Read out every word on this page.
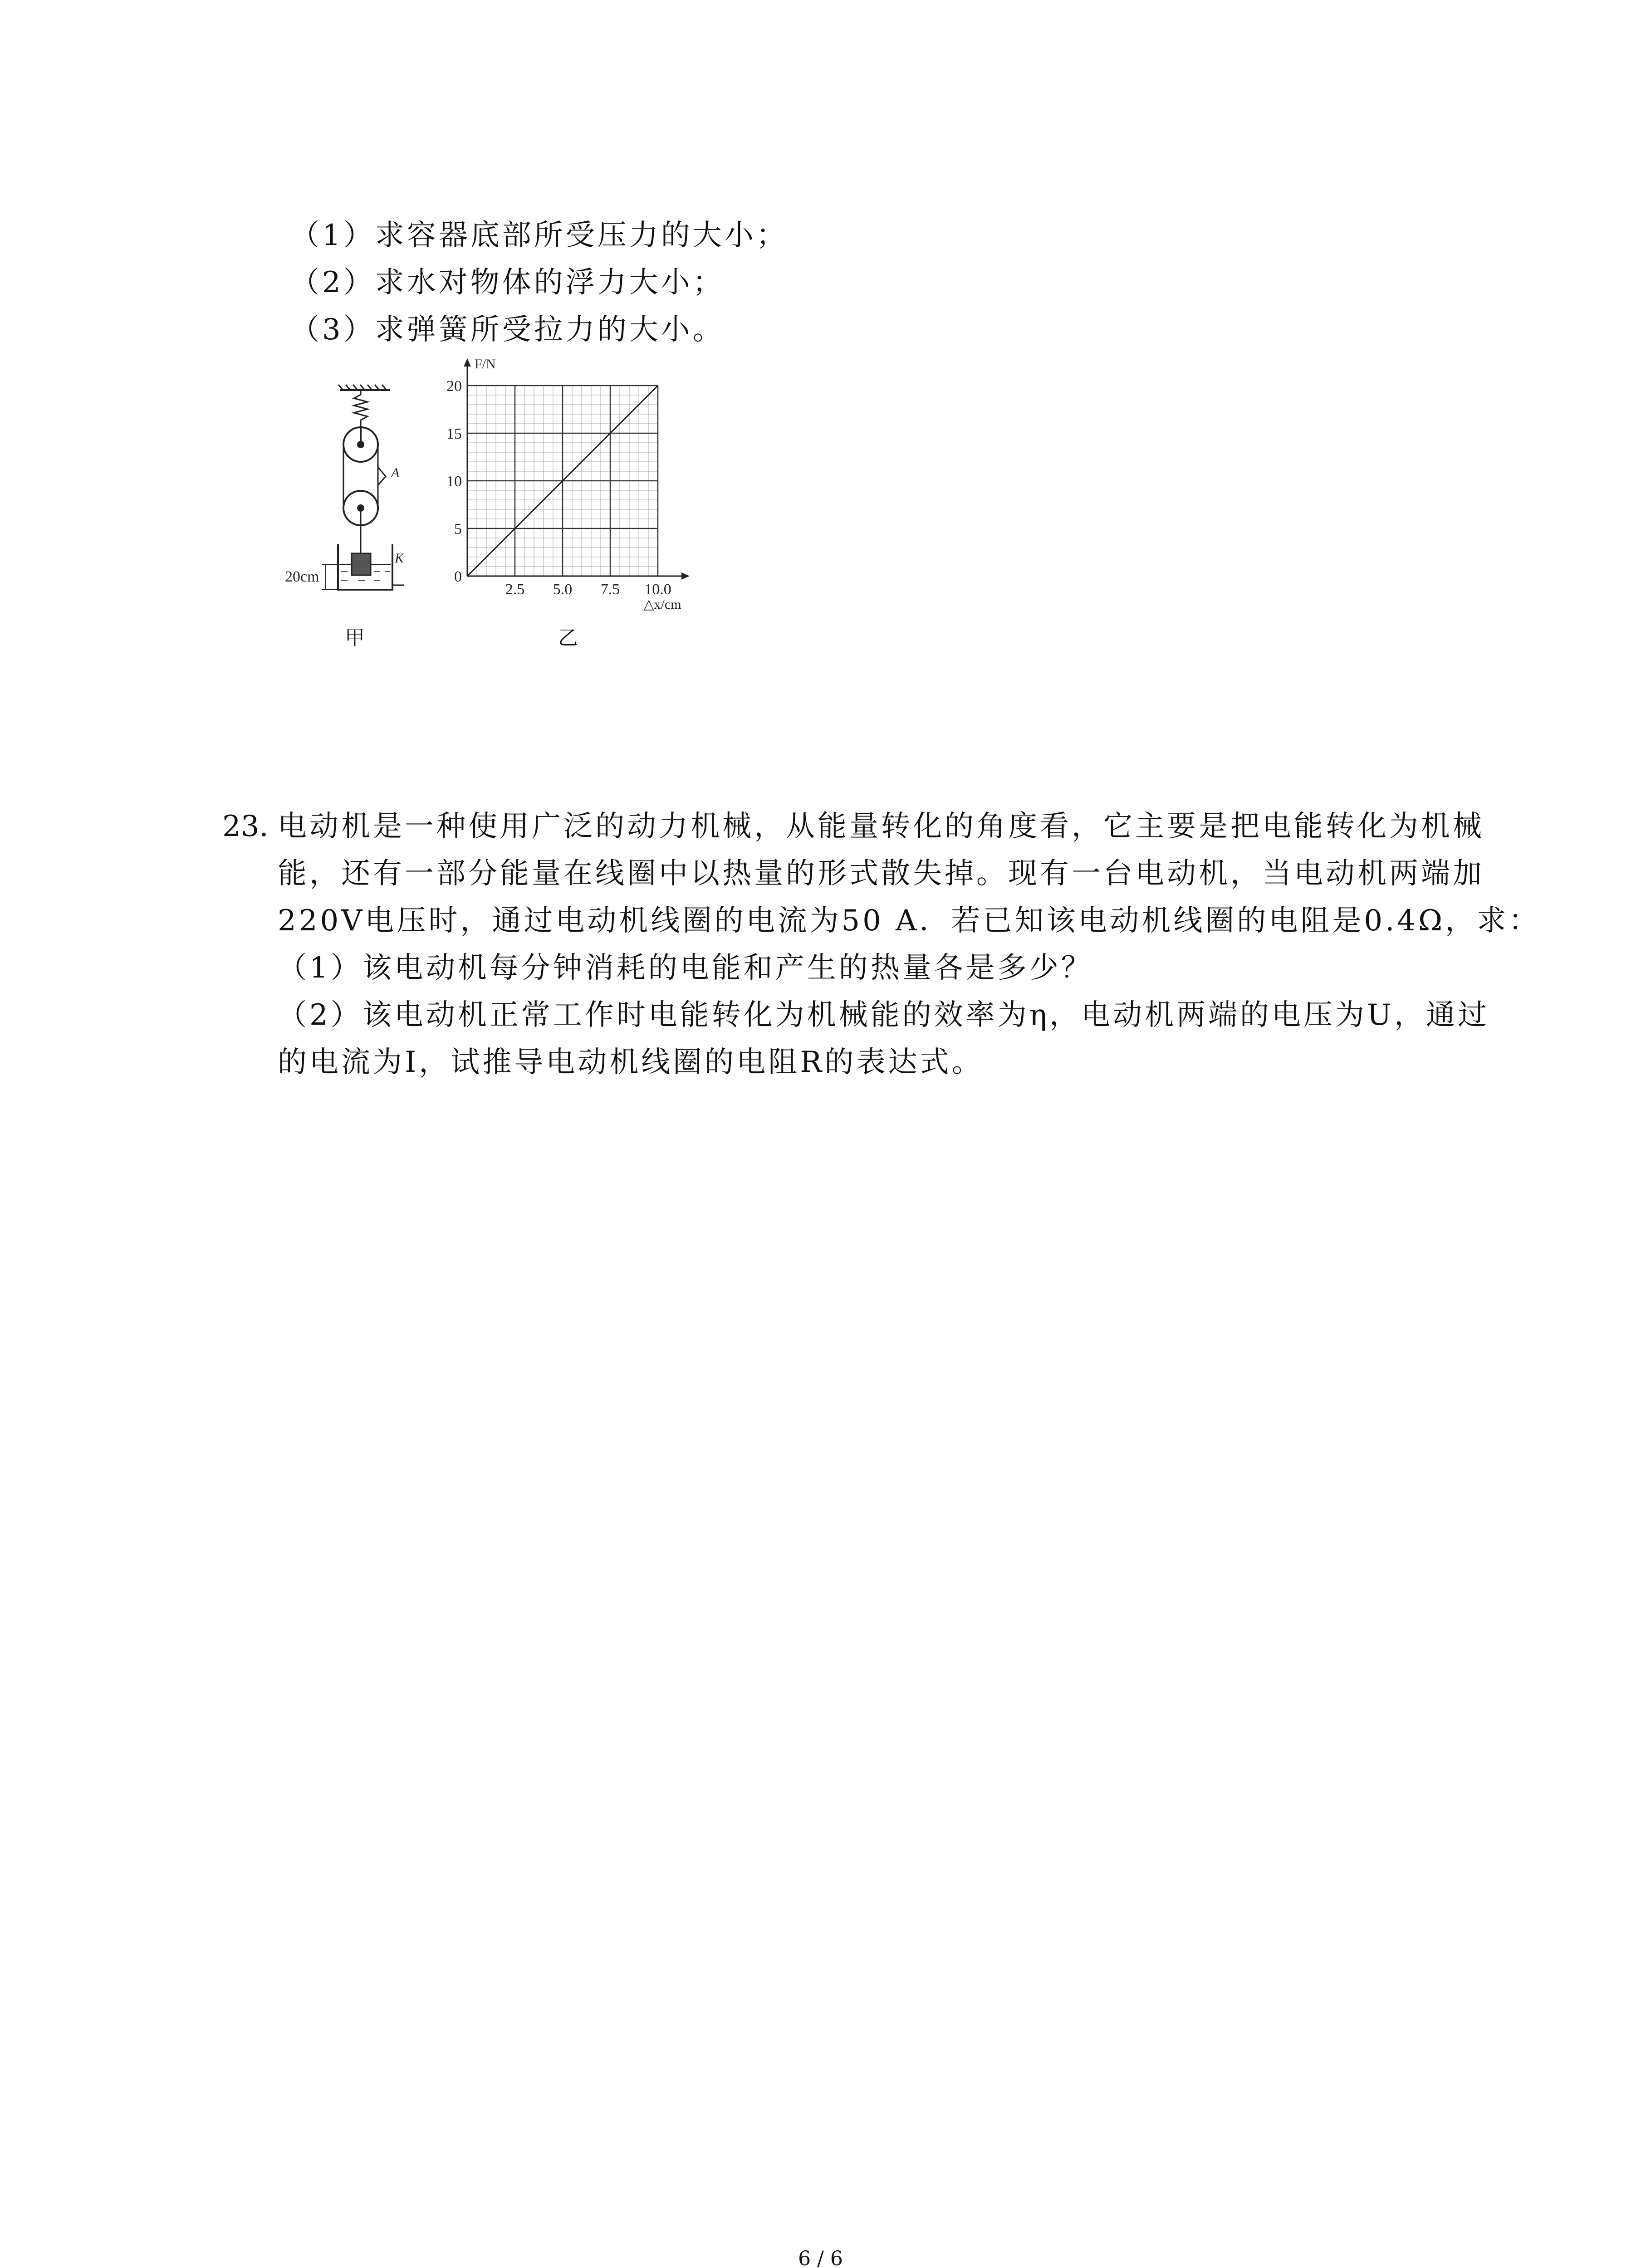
（1）求容器底部所受压力的大小；
（2）求水对物体的浮力大小；
（3）求弹簧所受拉力的大小。
A
K
20cm
甲
2.5 5.0 7.5 10.0
0
5
10
15
20
△x/cm
F/N
乙
23. 电动机是一种使用广泛的动力机械，从能量转化的角度看，它主要是把电能转化为机械
能，还有一部分能量在线圈中以热量的形式散失掉。现有一台电动机，当电动机两端加
220V电压时，通过电动机线圈的电流为50 A．若已知该电动机线圈的电阻是0.4Ω，求：
（1）该电动机每分钟消耗的电能和产生的热量各是多少？
（2）该电动机正常工作时电能转化为机械能的效率为η，电动机两端的电压为U，通过
的电流为I，试推导电动机线圈的电阻R的表达式。
6 / 6
